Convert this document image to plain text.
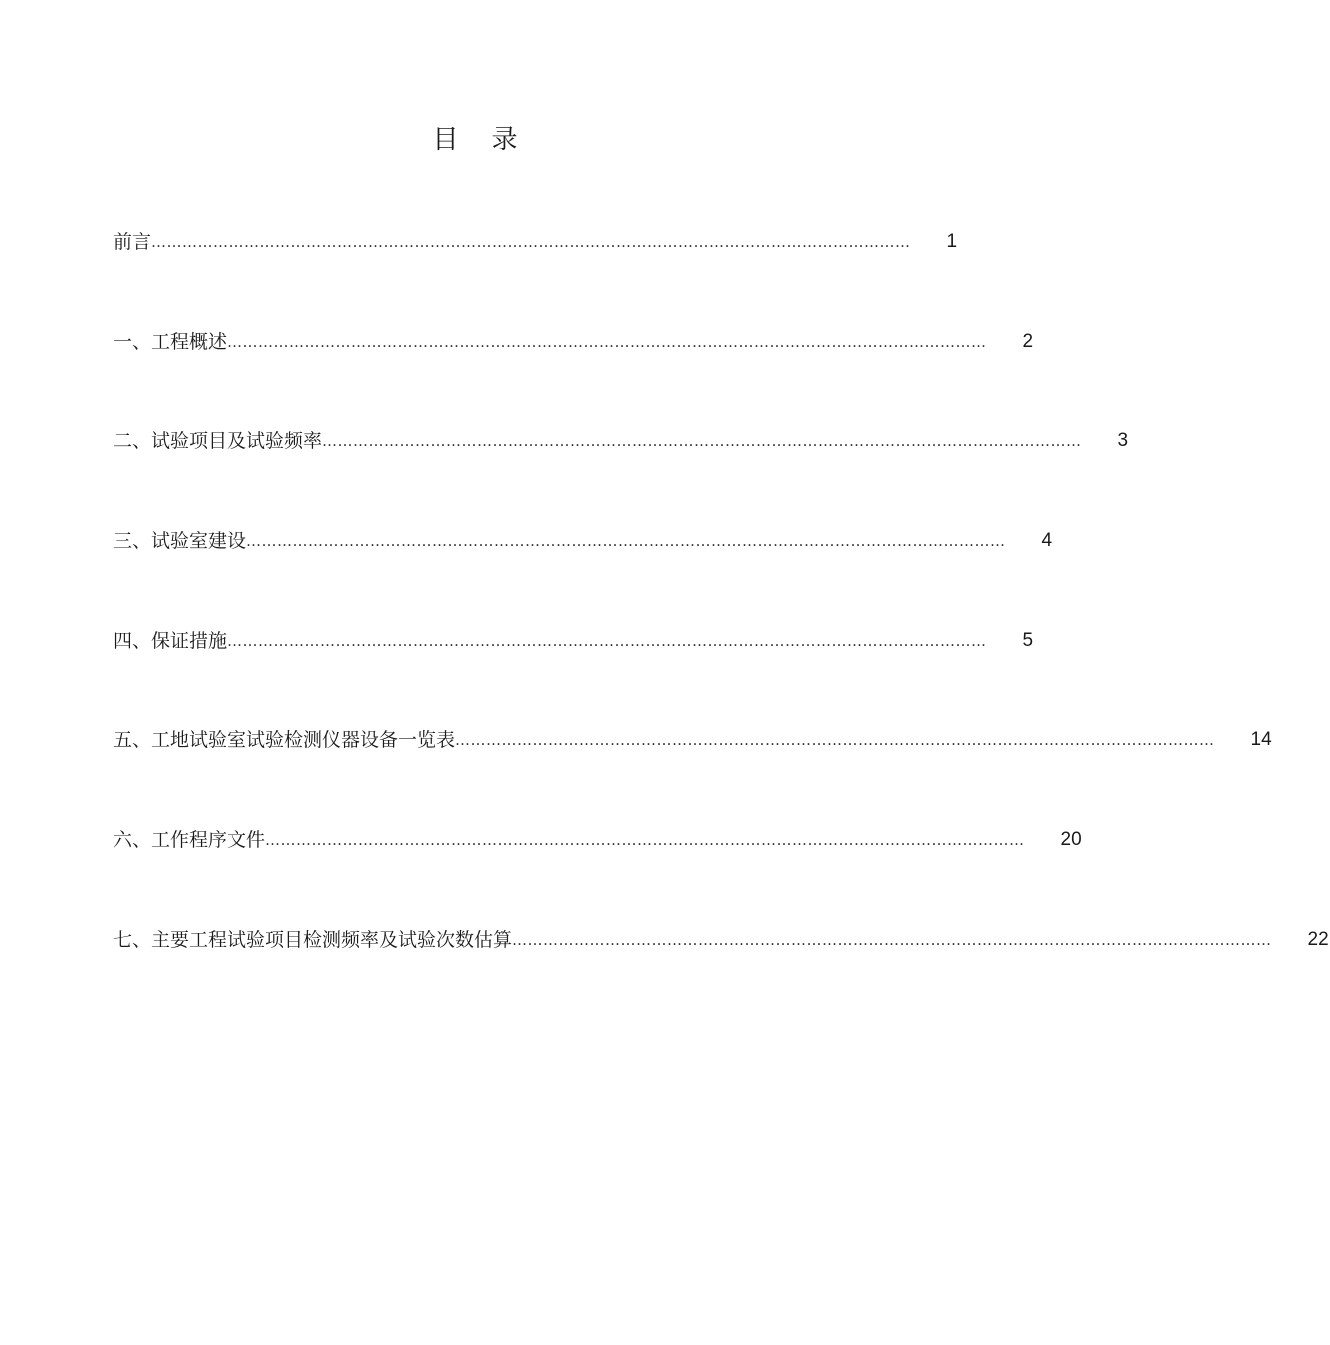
目    录
前言 ………………………………………………………………………………………………………………………………… 1
一、工程概述 ………………………………………………………………………………………………………………………………… 2
二、试验项目及试验频率 ………………………………………………………………………………………………………………………………… 3
三、试验室建设 ………………………………………………………………………………………………………………………………… 4
四、保证措施 ………………………………………………………………………………………………………………………………… 5
五、工地试验室试验检测仪器设备一览表 ………………………………………………………………………………………………………………………………… 14
六、工作程序文件 ………………………………………………………………………………………………………………………………… 20
七、主要工程试验项目检测频率及试验次数估算 ………………………………………………………………………………………………………………………………… 22
